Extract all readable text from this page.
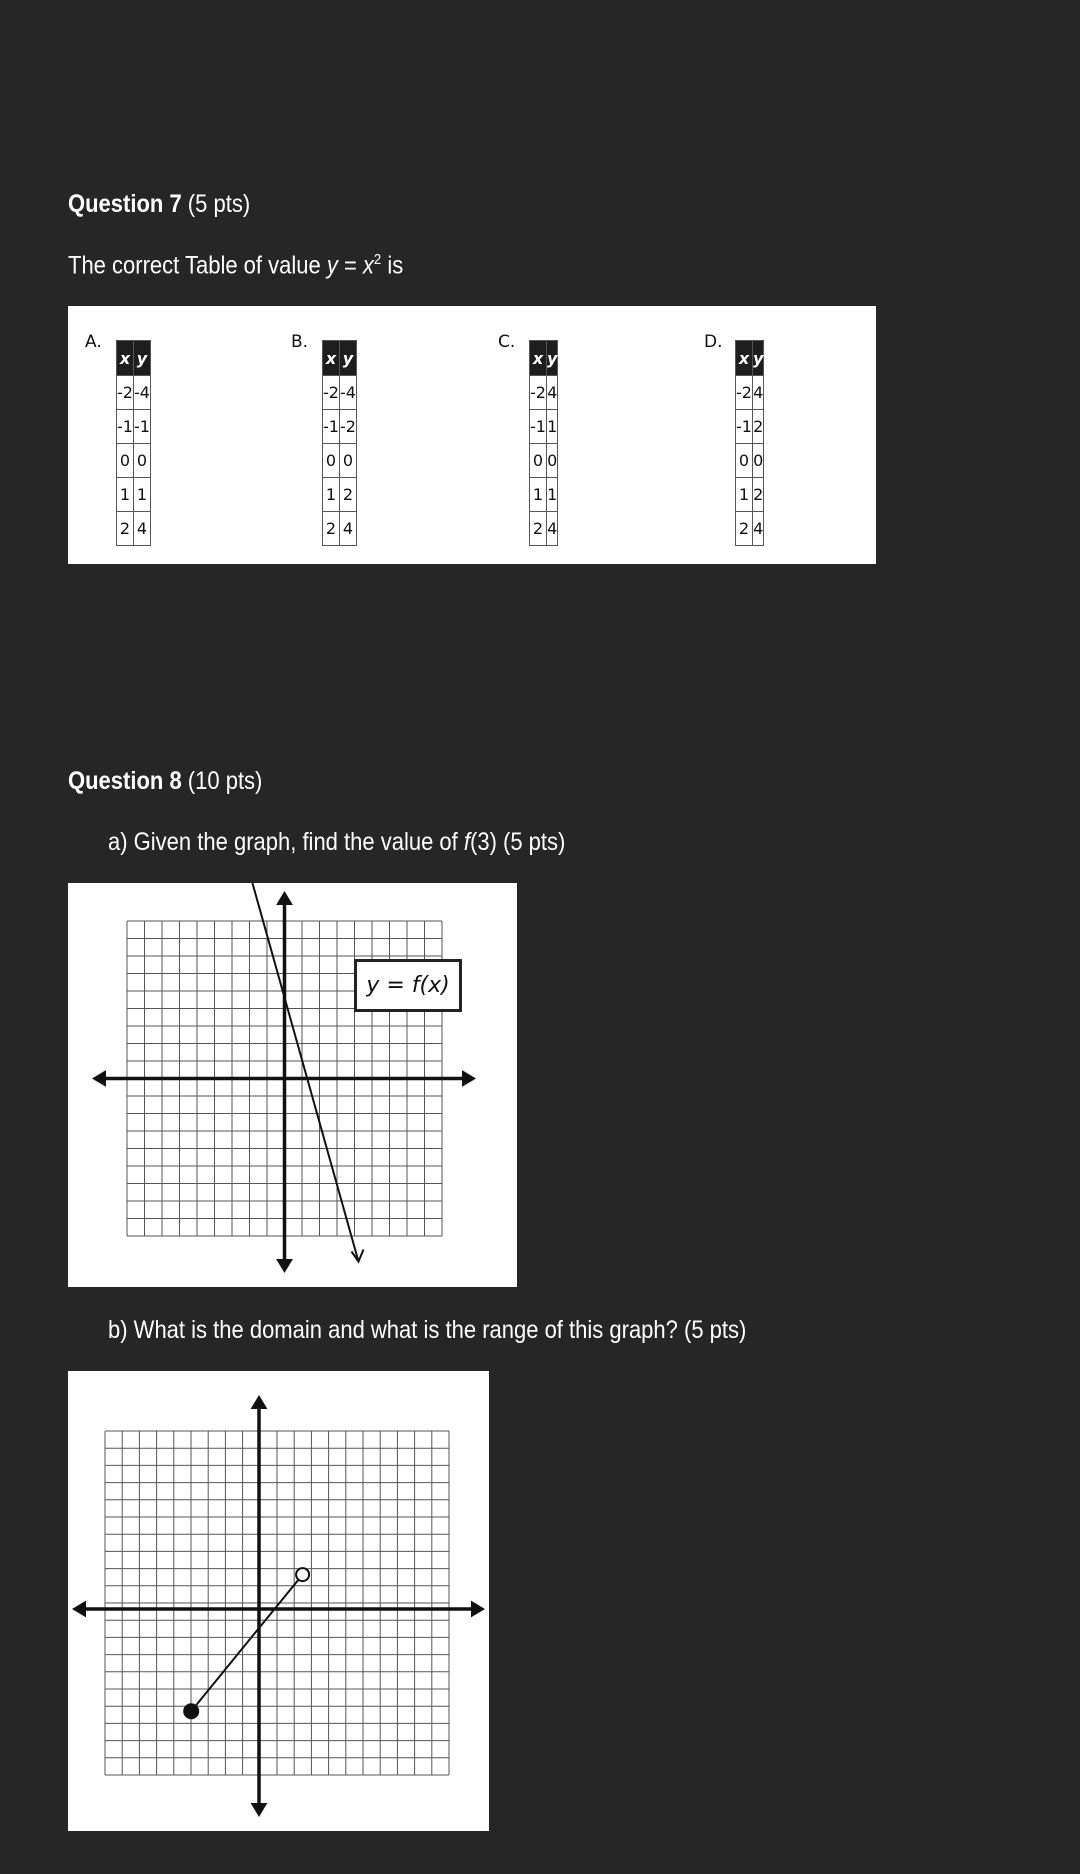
Question 7 (5 pts)
The correct Table of value $y = x^2$ is
A.
x	y
-2	-4
-1	-1
0	0
1	1
2	4
B.
x	y
-2	-4
-1	-2
0	0
1	2
2	4
C.
x	y
-2	4
-1	1
0	0
1	1
2	4
D.
x	y
-2	4
-1	2
0	0
1	2
2	4
Question 8 (10 pts)
a) Given the graph, find the value of f(3) (5 pts)
y = f(x)
b) What is the domain and what is the range of this graph? (5 pts)
